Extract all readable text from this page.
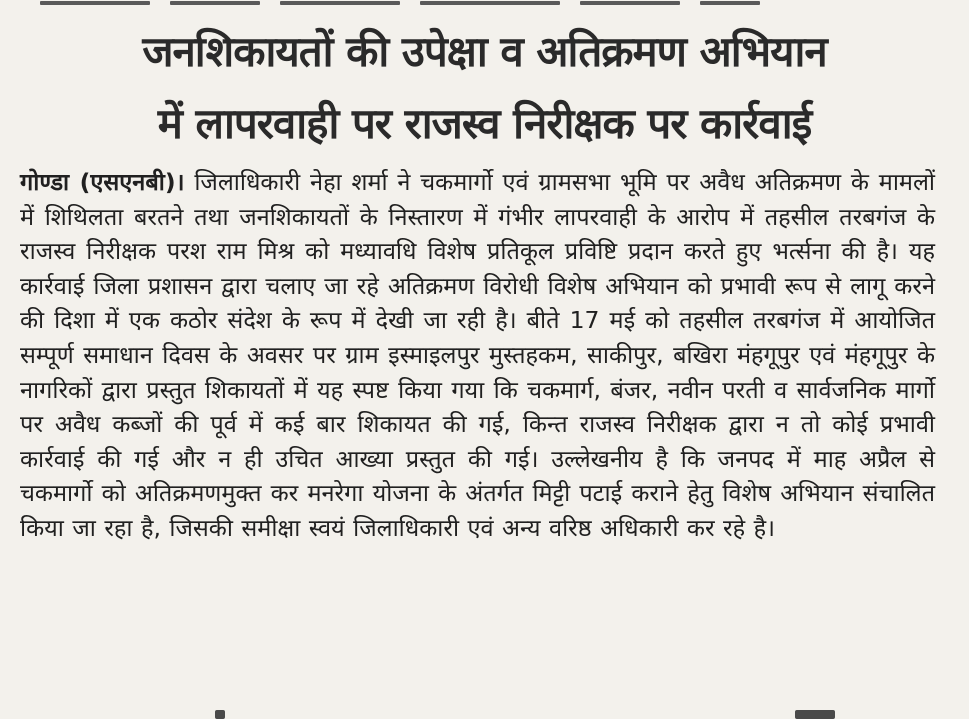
जनशिकायतों की उपेक्षा व अतिक्रमण अभियान
में लापरवाही पर राजस्व निरीक्षक पर कार्रवाई

गोण्डा (एसएनबी)। जिलाधिकारी नेहा शर्मा ने चकमार्गो एवं ग्रामसभा भूमि पर अवैध अतिक्रमण के मामलों में शिथिलता बरतने तथा जनशिकायतों के निस्तारण में गंभीर लापरवाही के आरोप में तहसील तरबगंज के राजस्व निरीक्षक परश राम मिश्र को मध्यावधि विशेष प्रतिकूल प्रविष्टि प्रदान करते हुए भर्त्सना की है। यह कार्रवाई जिला प्रशासन द्वारा चलाए जा रहे अतिक्रमण विरोधी विशेष अभियान को प्रभावी रूप से लागू करने की दिशा में एक कठोर संदेश के रूप में देखी जा रही है। बीते 17 मई को तहसील तरबगंज में आयोजित सम्पूर्ण समाधान दिवस के अवसर पर ग्राम इस्माइलपुर मुस्तहकम, साकीपुर, बखिरा मंहगूपुर एवं मंहगूपुर के नागरिकों द्वारा प्रस्तुत शिकायतों में यह स्पष्ट किया गया कि चकमार्ग, बंजर, नवीन परती व सार्वजनिक मार्गो पर अवैध कब्जों की पूर्व में कई बार शिकायत की गई, किन्त राजस्व निरीक्षक द्वारा न तो कोई प्रभावी कार्रवाई की गई और न ही उचित आख्या प्रस्तुत की गई। उल्लेखनीय है कि जनपद में माह अप्रैल से चकमार्गो को अतिक्रमणमुक्त कर मनरेगा योजना के अंतर्गत मिट्टी पटाई कराने हेतु विशेष अभियान संचालित किया जा रहा है, जिसकी समीक्षा स्वयं जिलाधिकारी एवं अन्य वरिष्ठ अधिकारी कर रहे है।
